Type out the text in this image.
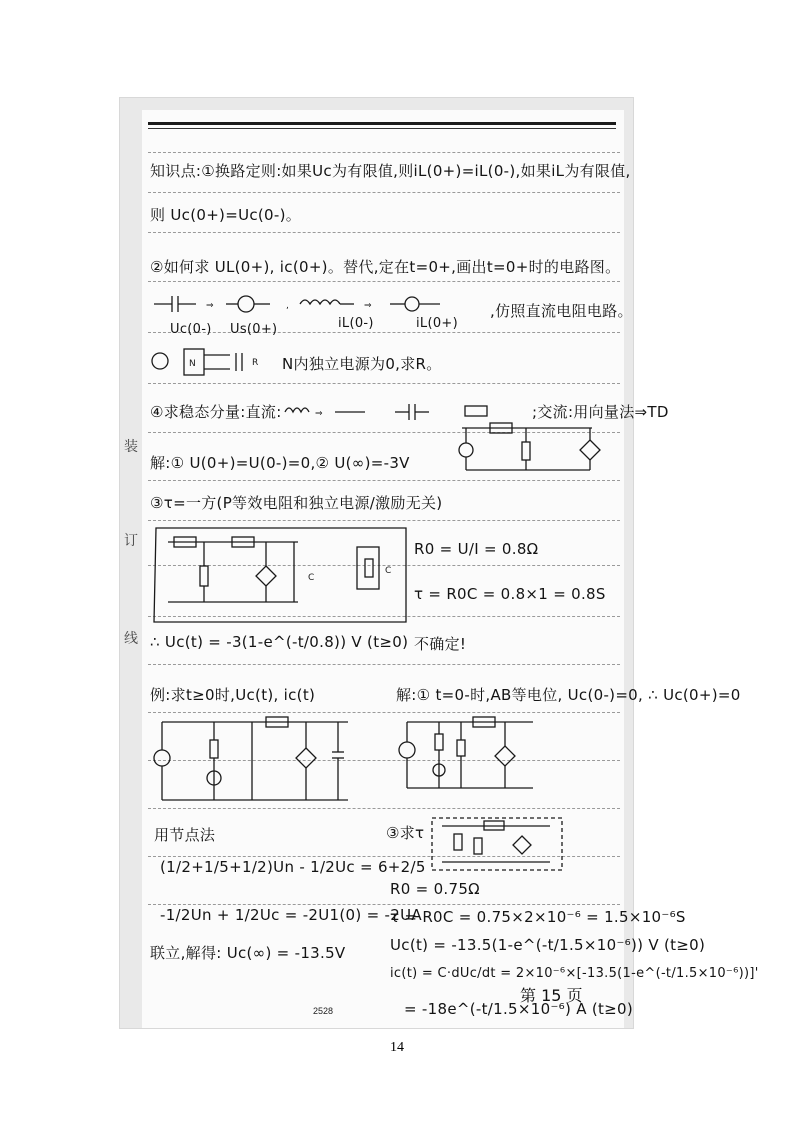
装
订
线
知识点:①换路定则:如果Uc为有限值,则iL(0+)=iL(0-),如果iL为有限值,
则 Uc(0+)=Uc(0-)。
②如何求 UL(0+), ic(0+)。替代,定在t=0+,画出t=0+时的电路图。
⇒	,	⇒
Uc(0-) Us(0+)	iL(0-)	iL(0+)
,仿照直流电阻电路。
N	R N内独立电源为0,求R。
④求稳态分量:直流:	⇒	;交流:用向量法⇒TD
解:① U(0+)=U(0-)=0,② U(∞)=-3V
③τ=一方(P等效电阻和独立电源/激励无关)
C
C
R0 = U/I = 0.8Ω
τ = R0C = 0.8×1 = 0.8S
∴ Uc(t) = -3(1-e^(-t/0.8)) V (t≥0) 不确定!
例:求t≥0时,Uc(t), ic(t)	解:① t=0-时,AB等电位, Uc(0-)=0, ∴ Uc(0+)=0
用节点法
(1/2+1/5+1/2)Un - 1/2Uc = 6+2/5
-1/2Un + 1/2Uc = -2U1(0) = -2UA
③求τ
R0 = 0.75Ω
τ = R0C = 0.75×2×10⁻⁶ = 1.5×10⁻⁶S
Uc(t) = -13.5(1-e^(-t/1.5×10⁻⁶)) V (t≥0)
联立,解得: Uc(∞) = -13.5V
ic(t) = C·dUc/dt = 2×10⁻⁶×[-13.5(1-e^(-t/1.5×10⁻⁶))]'
= -18e^(-t/1.5×10⁻⁶) A (t≥0)
第 15 页
2528
14
